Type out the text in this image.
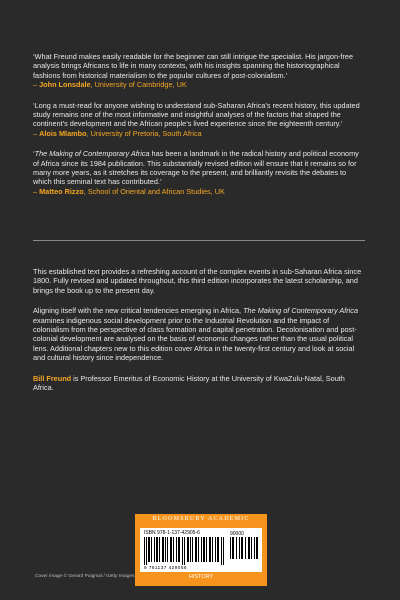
‘What Freund makes easily readable for the beginner can still intrigue the specialist. His jargon-free analysis brings Africans to life in many contexts, with his insights spanning the historiographical fashions from historical materialism to the popular cultures of post-colonialism.’
– John Lonsdale, University of Cambridge, UK

‘Long a must-read for anyone wishing to understand sub-Saharan Africa’s recent history, this updated study remains one of the most informative and insightful analyses of the factors that shaped the continent’s development and the African people’s lived experience since the eighteenth century.’
– Alois Mlambo, University of Pretoria, South Africa

‘The Making of Contemporary Africa has been a landmark in the radical history and political economy of Africa since its 1984 publication. This substantially revised edition will ensure that it remains so for many more years, as it stretches its coverage to the present, and brilliantly revisits the debates to which this seminal text has contributed.’
– Matteo Rizzo, School of Oriental and African Studies, UK

This established text provides a refreshing account of the complex events in sub-Saharan Africa since 1800. Fully revised and updated throughout, this third edition incorporates the latest scholarship, and brings the book up to the present day.

Aligning itself with the new critical tendencies emerging in Africa, The Making of Contemporary Africa examines indigenous social development prior to the Industrial Revolution and the impact of colonialism from the perspective of class formation and capital penetration. Decolonisation and post-colonial development are analysed on the basis of economic changes rather than the usual political lens. Additional chapters new to this edition cover Africa in the twenty-first century and look at social and cultural history since independence.

Bill Freund is Professor Emeritus of Economic History at the University of KwaZulu-Natal, South Africa.

BLOOMSBURY ACADEMIC
ISBN 978-1-137-42905-6	90000
9 781137 429056
HISTORY
Cover image © Gerard Puigmal / Getty Images
